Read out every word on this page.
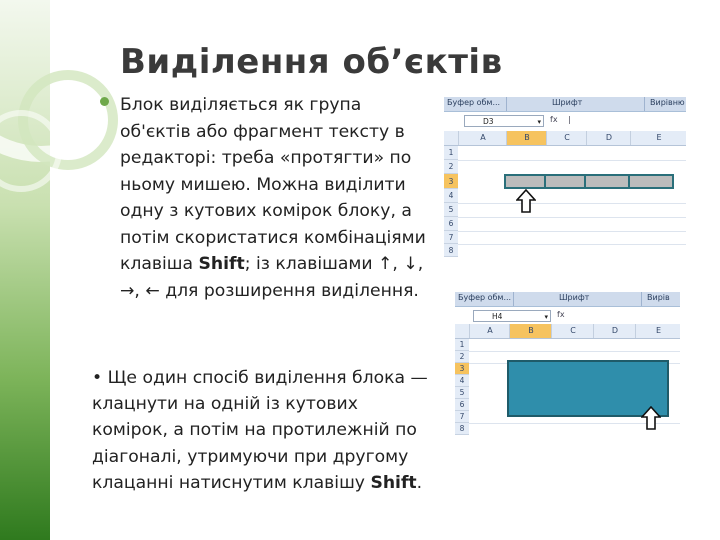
Виділення об’єктів
Блок виділяється як група об'єктів або фрагмент тексту в редакторі: треба «протягти» по ньому мишею. Можна виділити одну з кутових комірок блоку, а потім скористатися комбінаціями клавіша Shift; із клавішами ↑, ↓, →, ← для розширення виділення.
• Ще один спосіб виділення блока — клацнути на одній із кутових комірок, а потім на протилежній по діагоналі, утримуючи при другому клацанні натиснутим клавішу Shift.
Буфер обм...	Шрифт	Вирівню
D3	▾ fx |
A	B	C	D	E
1
2
3
4
5
6
7
8
Буфер обм...	Шрифт	Вирів
H4	▾ fx
A	B	C	D	E
1
2
3
4
5
6
7
8
